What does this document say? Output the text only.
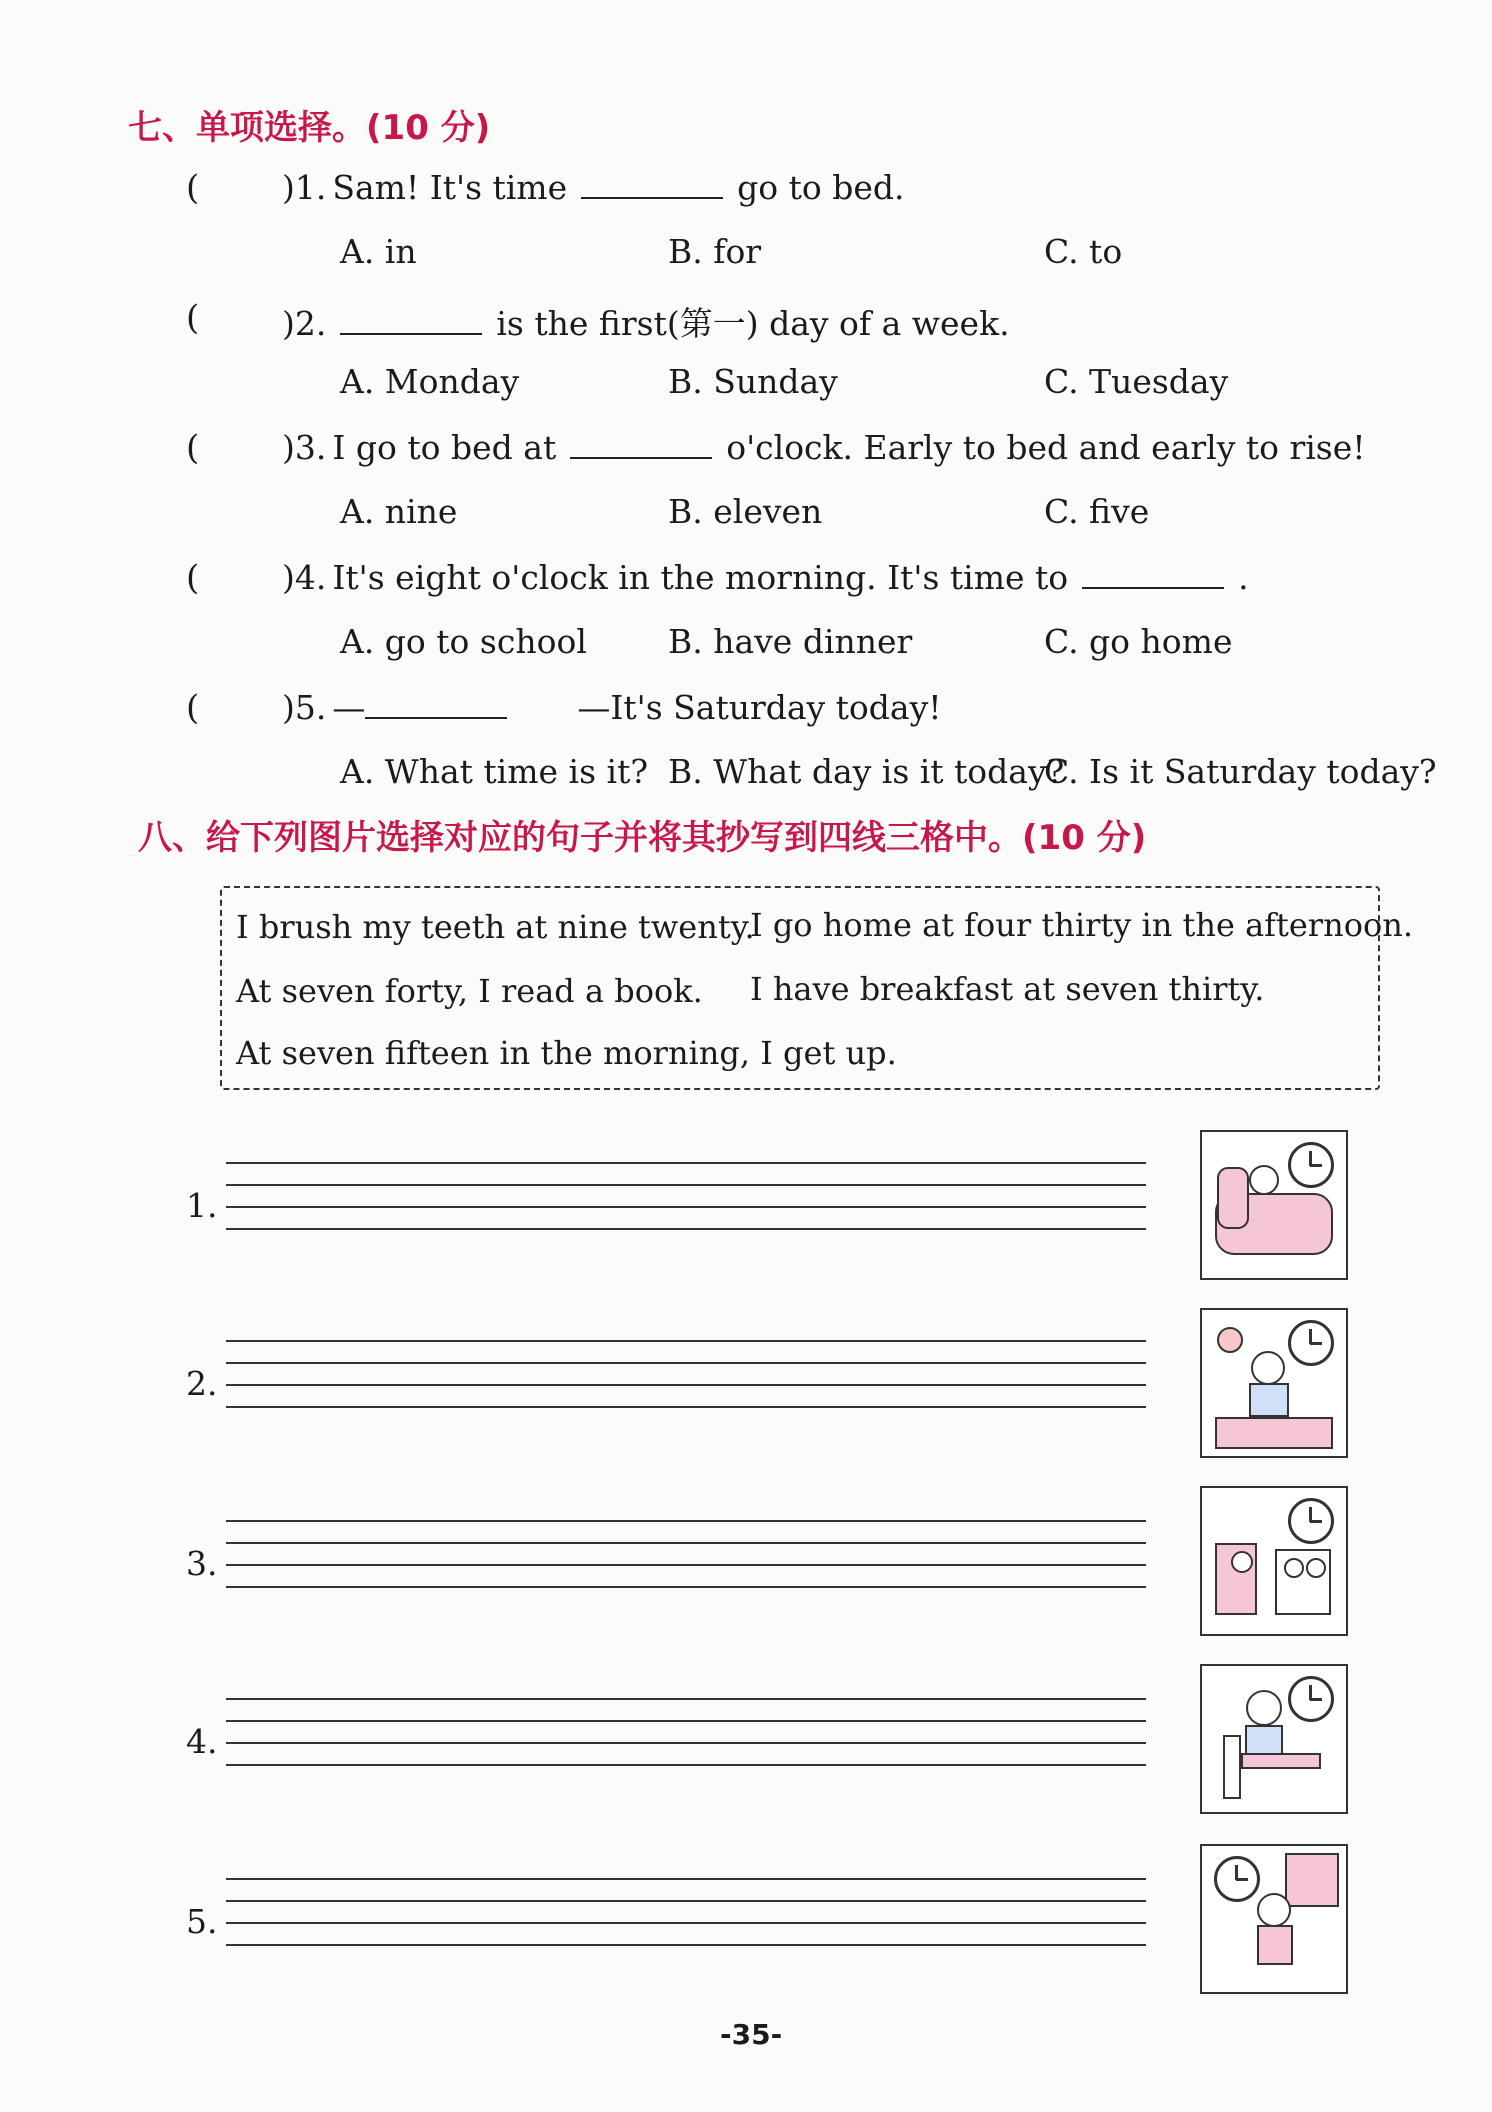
七、单项选择。(10 分)
(	)1. Sam! It's time	go to bed.
A. in	B. for	C. to
(	)2.	is the first(第一) day of a week.
A. Monday	B. Sunday	C. Tuesday
(	)3. I go to bed at	o'clock. Early to bed and early to rise!
A. nine	B. eleven	C. five
(	)4. It's eight o'clock in the morning. It's time to	.
A. go to school B. have dinner	C. go home
(	)5. —	—It's Saturday today!
A. What time is it? B. What day is it today?
C. Is it Saturday today?
八、给下列图片选择对应的句子并将其抄写到四线三格中。(10 分)
I brush my teeth at nine twenty.
I go home at four thirty in the afternoon.
At seven forty, I read a book. I have breakfast at seven thirty.
At seven fifteen in the morning, I get up.
1.
2.
3.
4.
5.
-35-
